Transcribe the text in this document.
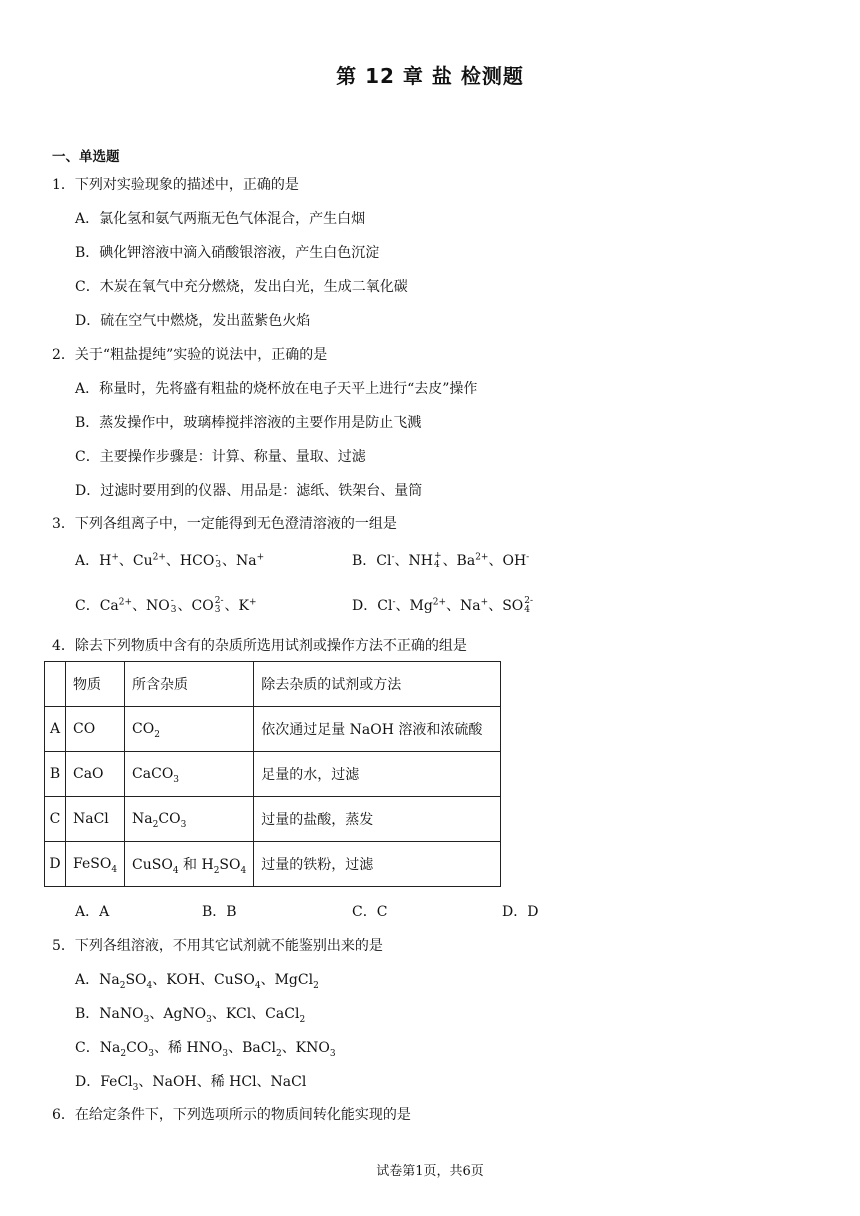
第 12 章 盐 检测题
一、单选题
1．下列对实验现象的描述中，正确的是
A．氯化氢和氨气两瓶无色气体混合，产生白烟
B．碘化钾溶液中滴入硝酸银溶液，产生白色沉淀
C．木炭在氧气中充分燃烧，发出白光，生成二氧化碳
D．硫在空气中燃烧，发出蓝紫色火焰
2．关于“粗盐提纯”实验的说法中，正确的是
A．称量时，先将盛有粗盐的烧杯放在电子天平上进行“去皮”操作
B．蒸发操作中，玻璃棒搅拌溶液的主要作用是防止飞溅
C．主要操作步骤是：计算、称量、量取、过滤
D．过滤时要用到的仪器、用品是：滤纸、铁架台、量筒
3．下列各组离子中，一定能得到无色澄清溶液的一组是
A．H+、$Cu^{2+}$、HCO -
3 、Na+	B．Cl-、NH +
4 、$Ba^{2+}$、OH-
C．$Ca^{2+}$、NO -
3 、CO 2-
3 、K+	D．Cl-、$Mg^{2+}$、Na+、SO 2-
4
4．除去下列物质中含有的杂质所选用试剂或操作方法不正确的组是
	物质	所含杂质	除去杂质的试剂或方法
A	CO	$CO_2$	依次通过足量 NaOH 溶液和浓硫酸
B	CaO	CaCO$_3$	足量的水，过滤
C	NaCl	$Na_2CO_3$	过量的盐酸，蒸发
D	FeSO$_4$	CuSO$_4$ 和 $H_2SO_4$	过量的铁粉，过滤
A．A	B．B	C．C	D．D
5．下列各组溶液，不用其它试剂就不能鉴别出来的是
A．$Na_2SO_4$、KOH、CuSO$_4$、MgCl$_2$
B．NaNO$_3$、AgNO$_3$、KCl、CaCl$_2$
C．$Na_2CO_3$、稀 $HNO_3$、BaCl$_2$、$KNO_3$
D．FeCl$_3$、NaOH、稀 HCl、NaCl
6．在给定条件下，下列选项所示的物质间转化能实现的是
试卷第1页，共6页
